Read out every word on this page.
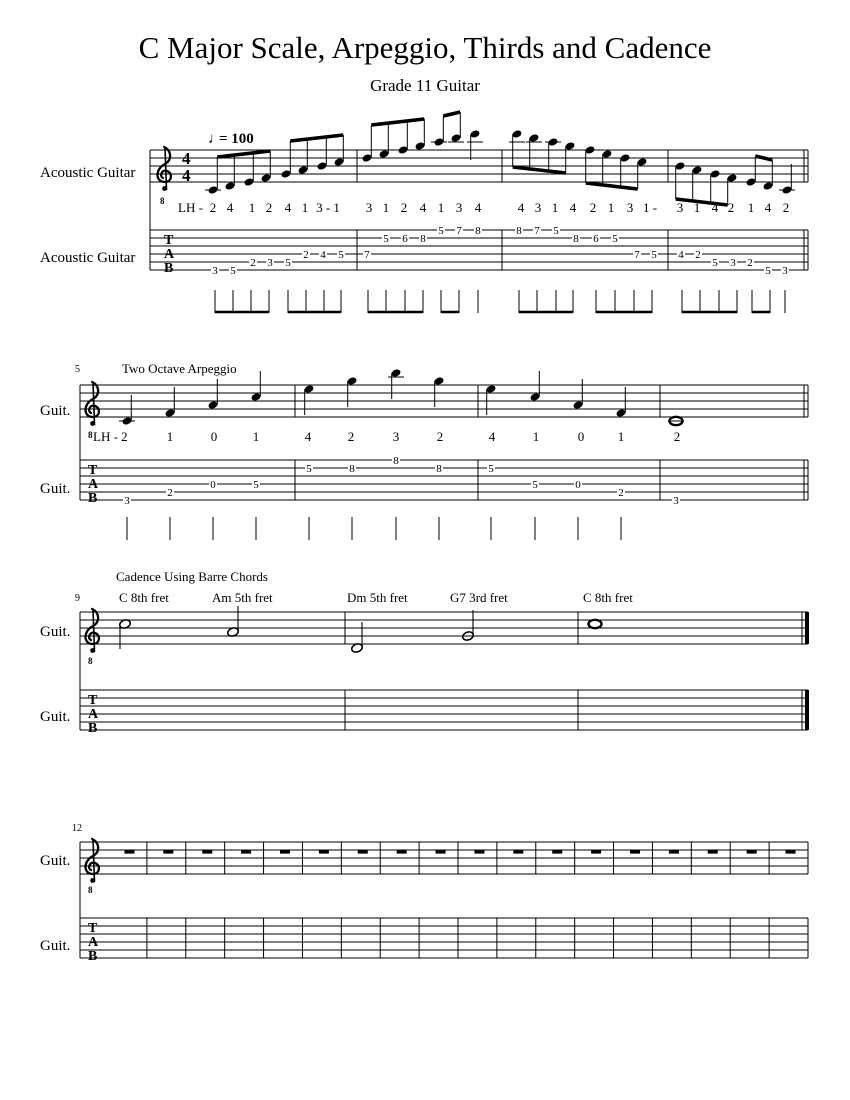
C Major Scale, Arpeggio, Thirds and Cadence
Grade 11 Guitar
Acoustic Guitar
Acoustic Guitar
8
4
4
T
A
B
♩
= 100
LH - 2 4 1 2 4 1 3 - 1 3 1 2 4 1 3 4	4 3 1 4 2 1 3 1 - 3 1 4 2 1 4 2
3 5
2 3 5
2 4 5 7
5 6 8
5 7 8	8 7 5
8 6 5
7 5 4 2
5 3 2
5 3
5	Two Octave Arpeggio
Guit.
Guit.
8
T
A
B
LH - 2	1	0	1	4	2	3	2	4	1	0	1	2
3
2
0	5
5	8
8
8	5
5	0
2
3
9
Cadence Using Barre Chords
C 8th fret	Am 5th fret	Dm 5th fret	G7 3rd fret	C 8th fret
Guit.
Guit.
8
T
A
B
12
Guit.
Guit.
8
T
A
B
